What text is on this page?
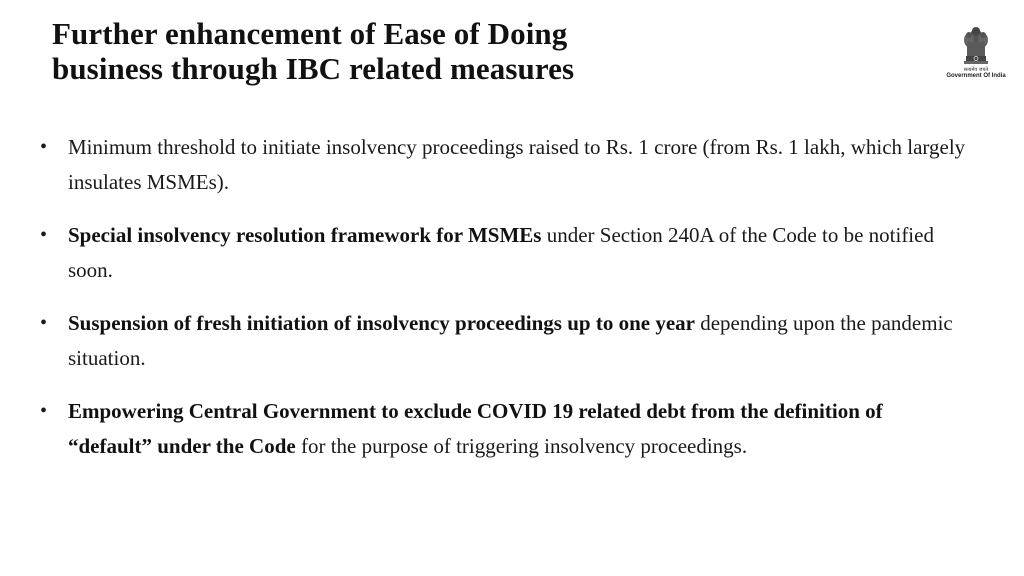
Further enhancement of Ease of Doing
business through IBC related measures	सत्यमेव जयते
Government Of India
• Minimum threshold to initiate insolvency proceedings raised to Rs. 1 crore (from Rs. 1 lakh, which largely insulates MSMEs).
• Special insolvency resolution framework for MSMEs under Section 240A of the Code to be notified soon.
• Suspension of fresh initiation of insolvency proceedings up to one year depending upon the pandemic situation.
• Empowering Central Government to exclude COVID 19 related debt from the definition of “default” under the Code for the purpose of triggering insolvency proceedings.
